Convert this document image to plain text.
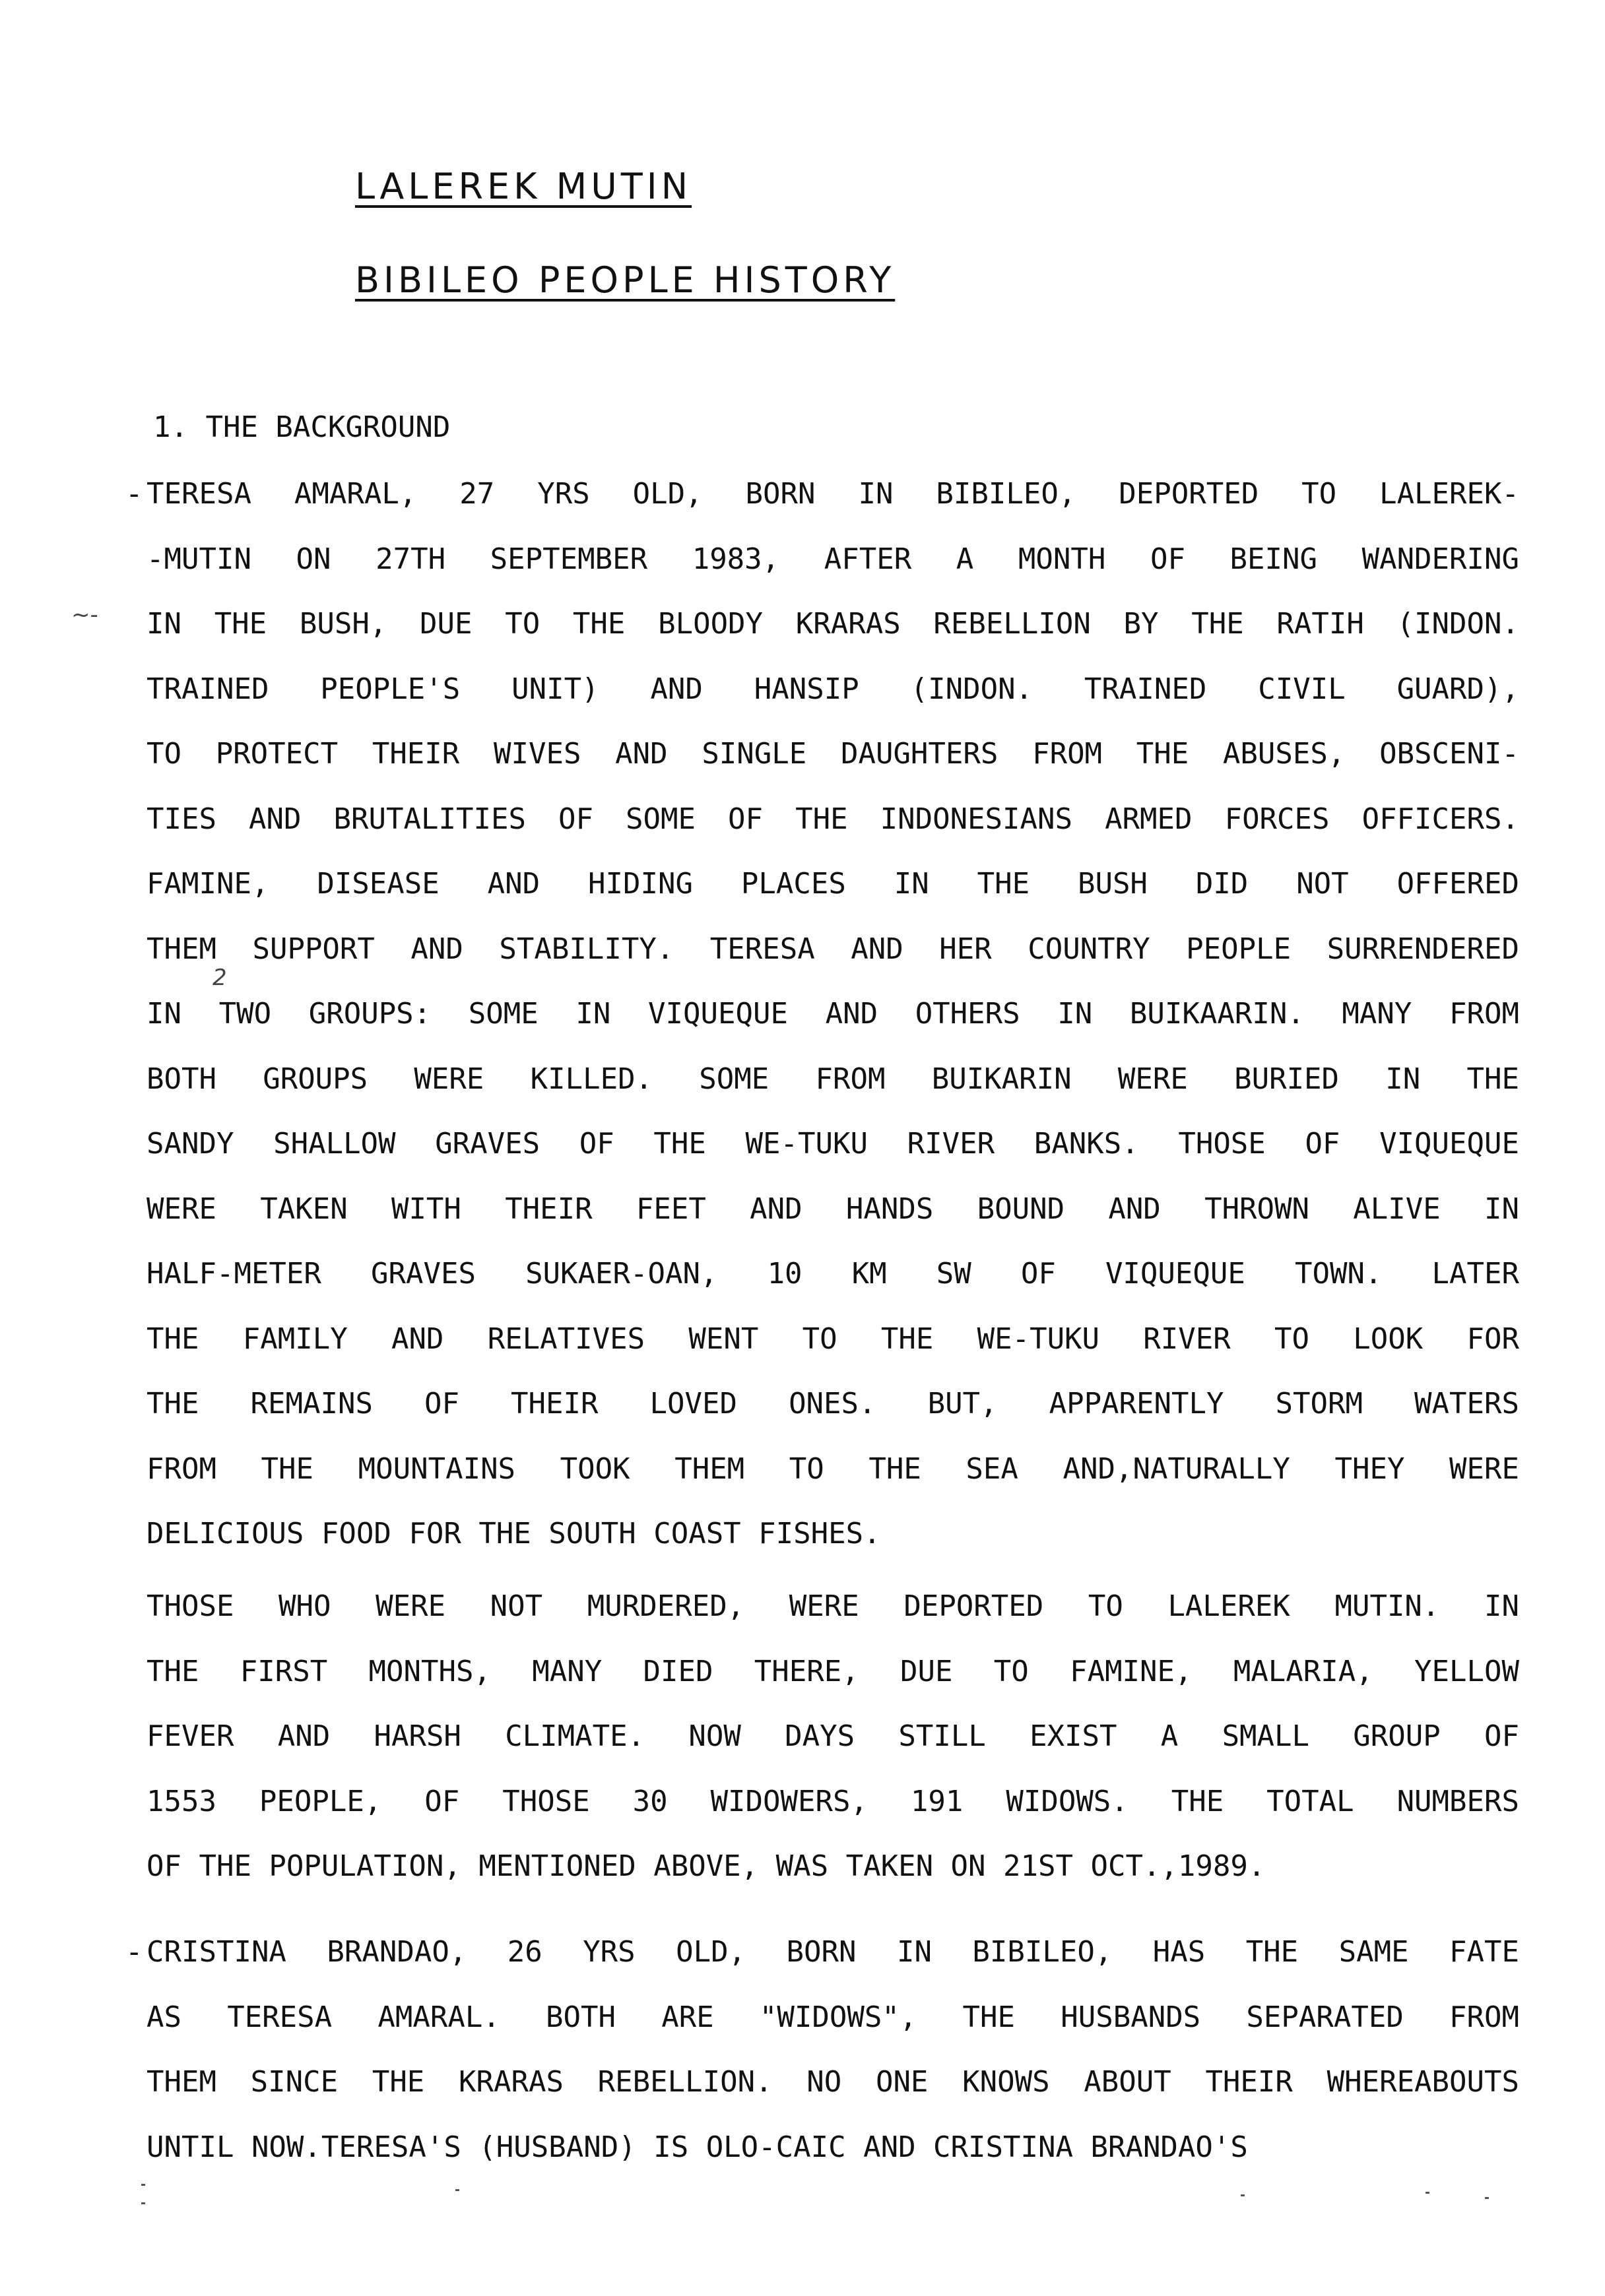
LALEREK MUTIN
BIBILEO PEOPLE HISTORY
1. THE BACKGROUND
~-
2
- TERESA AMARAL, 27 YRS OLD, BORN IN BIBILEO, DEPORTED TO LALEREK-
-MUTIN ON 27TH SEPTEMBER 1983, AFTER A MONTH OF BEING WANDERING
IN THE BUSH, DUE TO THE BLOODY KRARAS REBELLION BY THE RATIH (INDON.
TRAINED PEOPLE'S UNIT) AND HANSIP (INDON. TRAINED CIVIL GUARD),
TO PROTECT THEIR WIVES AND SINGLE DAUGHTERS FROM THE ABUSES, OBSCENI-
TIES AND BRUTALITIES OF SOME OF THE INDONESIANS ARMED FORCES OFFICERS.
FAMINE, DISEASE AND HIDING PLACES IN THE BUSH DID NOT OFFERED
THEM SUPPORT AND STABILITY. TERESA AND HER COUNTRY PEOPLE SURRENDERED
IN TWO GROUPS: SOME IN VIQUEQUE AND OTHERS IN BUIKAARIN. MANY FROM
BOTH GROUPS WERE KILLED. SOME FROM BUIKARIN WERE BURIED IN THE
SANDY SHALLOW GRAVES OF THE WE-TUKU RIVER BANKS. THOSE OF VIQUEQUE
WERE TAKEN WITH THEIR FEET AND HANDS BOUND AND THROWN ALIVE IN
HALF-METER GRAVES SUKAER-OAN, 10 KM SW OF VIQUEQUE TOWN. LATER
THE FAMILY AND RELATIVES WENT TO THE WE-TUKU RIVER TO LOOK FOR
THE REMAINS OF THEIR LOVED ONES. BUT, APPARENTLY STORM WATERS
FROM THE MOUNTAINS TOOK THEM TO THE SEA AND,NATURALLY THEY WERE
DELICIOUS FOOD FOR THE SOUTH COAST FISHES.
THOSE WHO WERE NOT MURDERED, WERE DEPORTED TO LALEREK MUTIN. IN
THE FIRST MONTHS, MANY DIED THERE, DUE TO FAMINE, MALARIA, YELLOW
FEVER AND HARSH CLIMATE. NOW DAYS STILL EXIST A SMALL GROUP OF
1553 PEOPLE, OF THOSE 30 WIDOWERS, 191 WIDOWS. THE TOTAL NUMBERS
OF THE POPULATION, MENTIONED ABOVE, WAS TAKEN ON 21ST OCT.,1989.
- CRISTINA BRANDAO, 26 YRS OLD, BORN IN BIBILEO, HAS THE SAME FATE
AS TERESA AMARAL. BOTH ARE "WIDOWS", THE HUSBANDS SEPARATED FROM
THEM SINCE THE KRARAS REBELLION. NO ONE KNOWS ABOUT THEIR WHEREABOUTS
UNTIL NOW.TERESA'S (HUSBAND) IS OLO-CAIC AND CRISTINA BRANDAO'S
